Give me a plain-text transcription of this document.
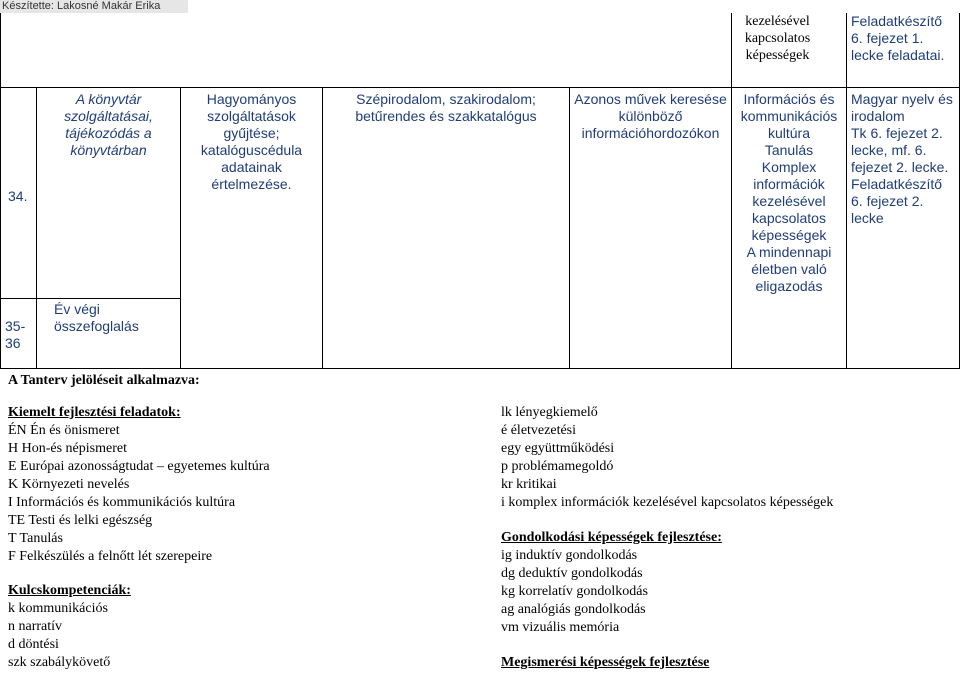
Készítette: Lakosné Makár Erika
kezelésével
kapcsolatos
képességek
Feladatkészítő
6. fejezet 1.
lecke feladatai.
34.
A könyvtár
szolgáltatásai,
tájékozódás a
könyvtárban
Hagyományos
szolgáltatások
gyűjtése;
katalóguscédula
adatainak
értelmezése.
Szépirodalom, szakirodalom;
betűrendes és szakkatalógus
Azonos művek keresése
különböző
információhordozókon
Információs és
kommunikációs
kultúra
Tanulás
Komplex
információk
kezelésével
kapcsolatos
képességek
A mindennapi
életben való
eligazodás
Magyar nyelv és
irodalom
Tk 6. fejezet 2.
lecke, mf. 6.
fejezet 2. lecke.
Feladatkészítő
6. fejezet 2.
lecke
35-
36
Év végi
összefoglalás
A Tanterv jelöléseit alkalmazva:
Kiemelt fejlesztési feladatok:
ÉN Én és önismeret
H Hon-és népismeret
E Európai azonosságtudat – egyetemes kultúra
K Környezeti nevelés
I Információs és kommunikációs kultúra
TE Testi és lelki egészség
T Tanulás
F Felkészülés a felnőtt lét szerepeire
Kulcskompetenciák:
k kommunikációs
n narratív
d döntési
szk szabálykövető
lk lényegkiemelő
é életvezetési
egy együttműködési
p problémamegoldó
kr kritikai
i komplex információk kezelésével kapcsolatos képességek
Gondolkodási képességek fejlesztése:
ig induktív gondolkodás
dg deduktív gondolkodás
kg korrelatív gondolkodás
ag analógiás gondolkodás
vm vizuális memória
Megismerési képességek fejlesztése
